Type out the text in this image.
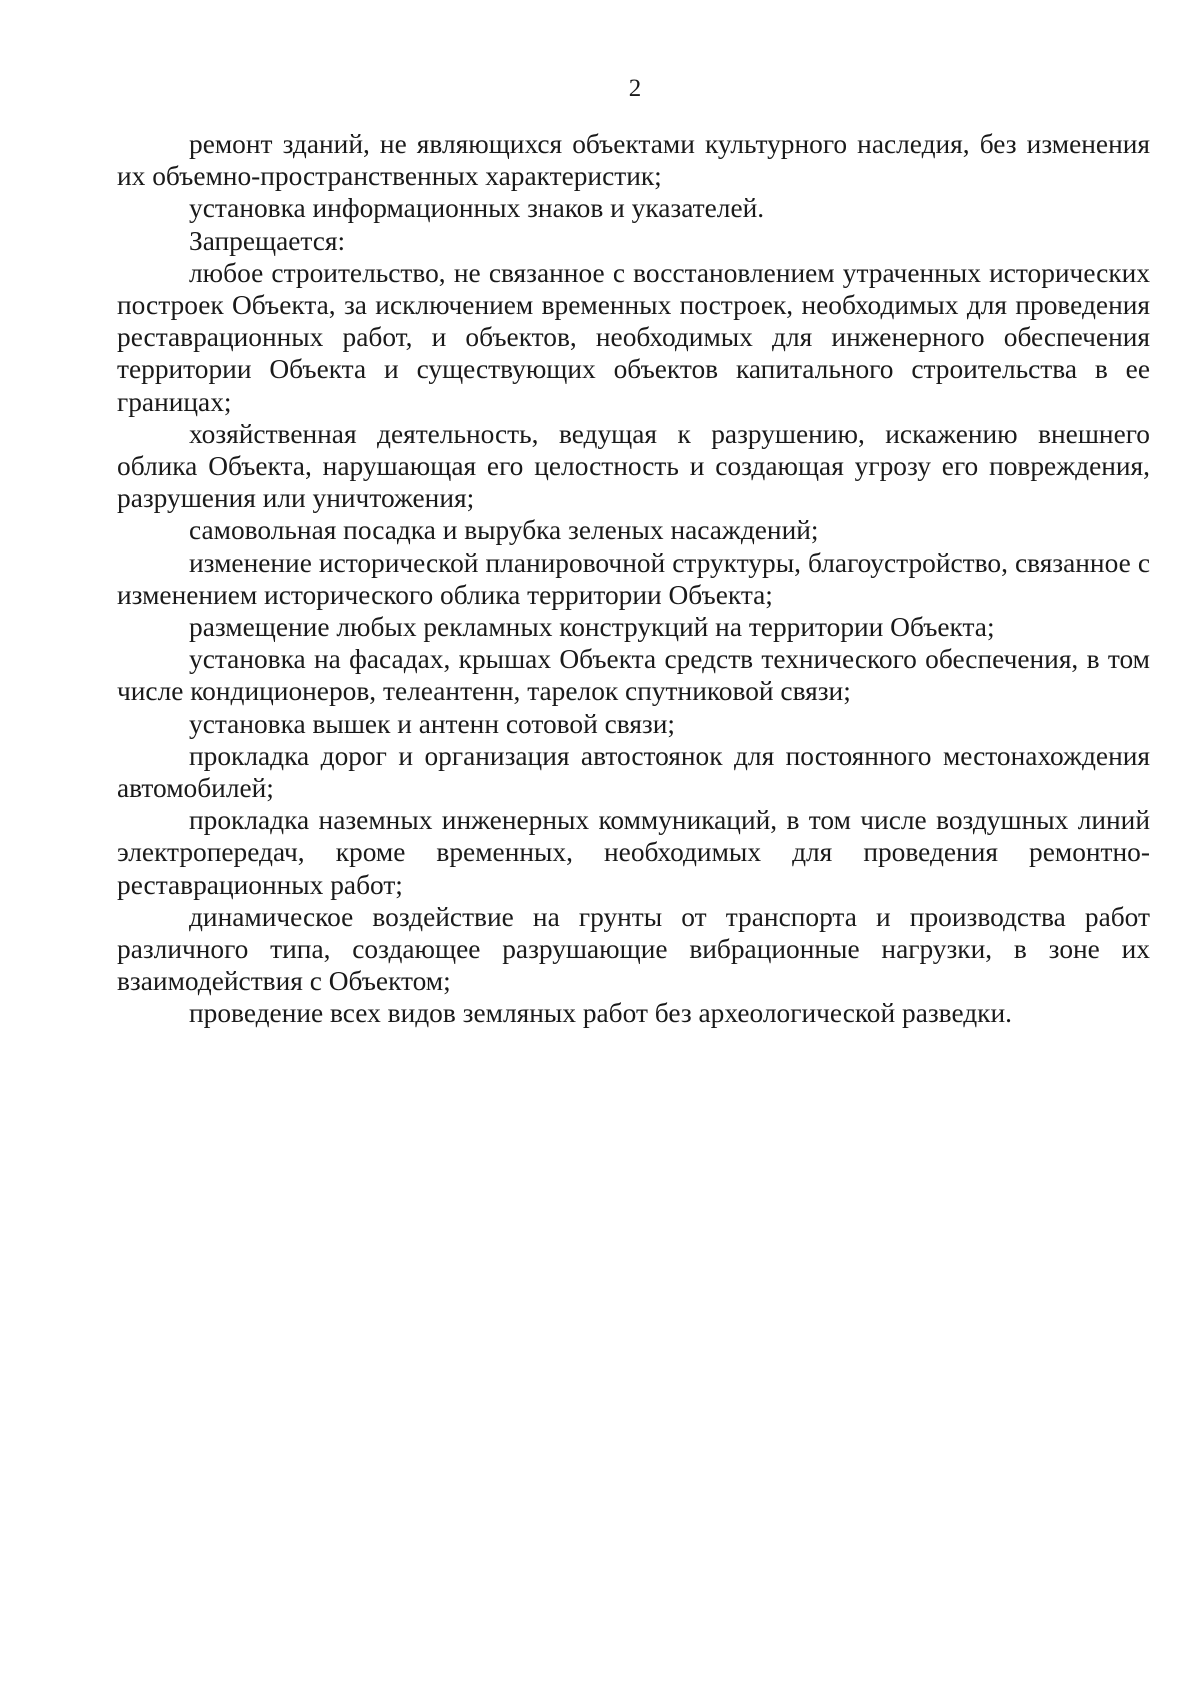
2

ремонт зданий, не являющихся объектами культурного наследия, без изменения их объемно-пространственных характеристик;

установка информационных знаков и указателей.

Запрещается:

любое строительство, не связанное с восстановлением утраченных исторических построек Объекта, за исключением временных построек, необходимых для проведения реставрационных работ, и объектов, необходимых для инженерного обеспечения территории Объекта и существующих объектов капитального строительства в ее границах;

хозяйственная деятельность, ведущая к разрушению, искажению внешнего облика Объекта, нарушающая его целостность и создающая угрозу его повреждения, разрушения или уничтожения;

самовольная посадка и вырубка зеленых насаждений;

изменение исторической планировочной структуры, благоустройство, связанное с изменением исторического облика территории Объекта;

размещение любых рекламных конструкций на территории Объекта;

установка на фасадах, крышах Объекта средств технического обеспечения, в том числе кондиционеров, телеантенн, тарелок спутниковой связи;

установка вышек и антенн сотовой связи;

прокладка дорог и организация автостоянок для постоянного местонахождения автомобилей;

прокладка наземных инженерных коммуникаций, в том числе воздушных линий электропередач, кроме временных, необходимых для проведения ремонтно-реставрационных работ;

динамическое воздействие на грунты от транспорта и производства работ различного типа, создающее разрушающие вибрационные нагрузки, в зоне их взаимодействия с Объектом;

проведение всех видов земляных работ без археологической разведки.
